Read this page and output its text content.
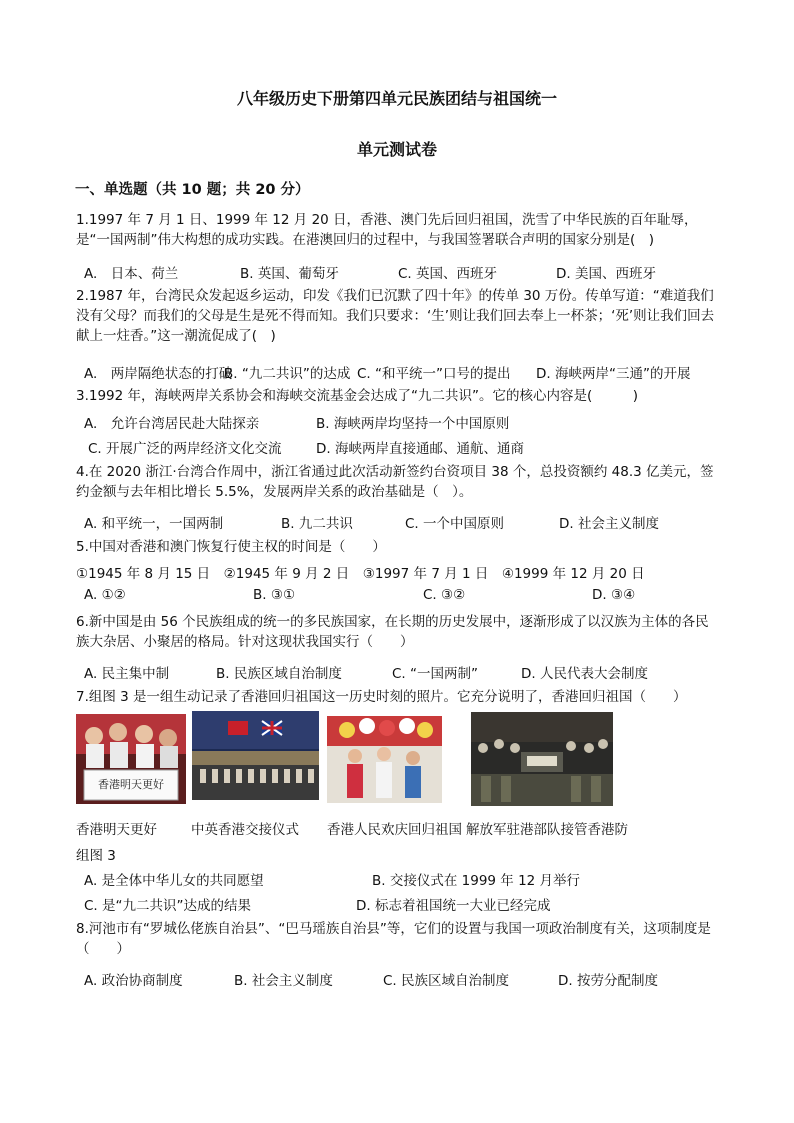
八年级历史下册第四单元民族团结与祖国统一
单元测试卷
一、单选题（共 10 题；共 20 分）
1.1997 年 7 月 1 日、1999 年 12 月 20 日，香港、澳门先后回归祖国，洗雪了中华民族的百年耻辱，是“一国两制”伟大构想的成功实践。在港澳回归的过程中，与我国签署联合声明的国家分别是(　)
A.　日本、荷兰	B. 英国、葡萄牙	C. 英国、西班牙	D. 美国、西班牙
2.1987 年，台湾民众发起返乡运动，印发《我们已沉默了四十年》的传单 30 万份。传单写道：“难道我们没有父母？而我们的父母是生是死不得而知。我们只要求：‘生’则让我们回去奉上一杯茶；‘死’则让我们回去献上一炷香。”这一潮流促成了(　)
A.　两岸隔绝状态的打破
B. “九二共识”的达成 C. “和平统一”口号的提出 D. 海峡两岸“三通”的开展
3.1992 年，海峡两岸关系协会和海峡交流基金会达成了“九二共识”。它的核心内容是(　　　)
A.　允许台湾居民赴大陆探亲	B. 海峡两岸均坚持一个中国原则
C. 开展广泛的两岸经济文化交流	D. 海峡两岸直接通邮、通航、通商
4.在 2020 浙江·台湾合作周中，浙江省通过此次活动新签约台资项目 38 个，总投资额约 48.3 亿美元，签约金额与去年相比增长 5.5%，发展两岸关系的政治基础是（　）。
A. 和平统一，一国两制	B. 九二共识	C. 一个中国原则	D. 社会主义制度
5.中国对香港和澳门恢复行使主权的时间是（　　）
①1945 年 8 月 15 日　②1945 年 9 月 2 日　③1997 年 7 月 1 日　④1999 年 12 月 20 日
A. ①②	B. ③①	C. ③②	D. ③④
6.新中国是由 56 个民族组成的统一的多民族国家，在长期的历史发展中，逐渐形成了以汉族为主体的各民族大杂居、小聚居的格局。针对这现状我国实行（　　）
A. 民主集中制	B. 民族区域自治制度	C. “一国两制”	D. 人民代表大会制度
7.组图 3 是一组生动记录了香港回归祖国这一历史时刻的照片。它充分说明了，香港回归祖国（　　）
香港明天更好
香港明天更好	中英香港交接仪式 香港人民欢庆回归祖国 解放军驻港部队接管香港防
组图 3
A. 是全体中华儿女的共同愿望	B. 交接仪式在 1999 年 12 月举行
C. 是“九二共识”达成的结果	D. 标志着祖国统一大业已经完成
8.河池市有“罗城仫佬族自治县”、“巴马瑶族自治县”等，它们的设置与我国一项政治制度有关，这项制度是（　　）
A. 政治协商制度	B. 社会主义制度	C. 民族区域自治制度	D. 按劳分配制度
